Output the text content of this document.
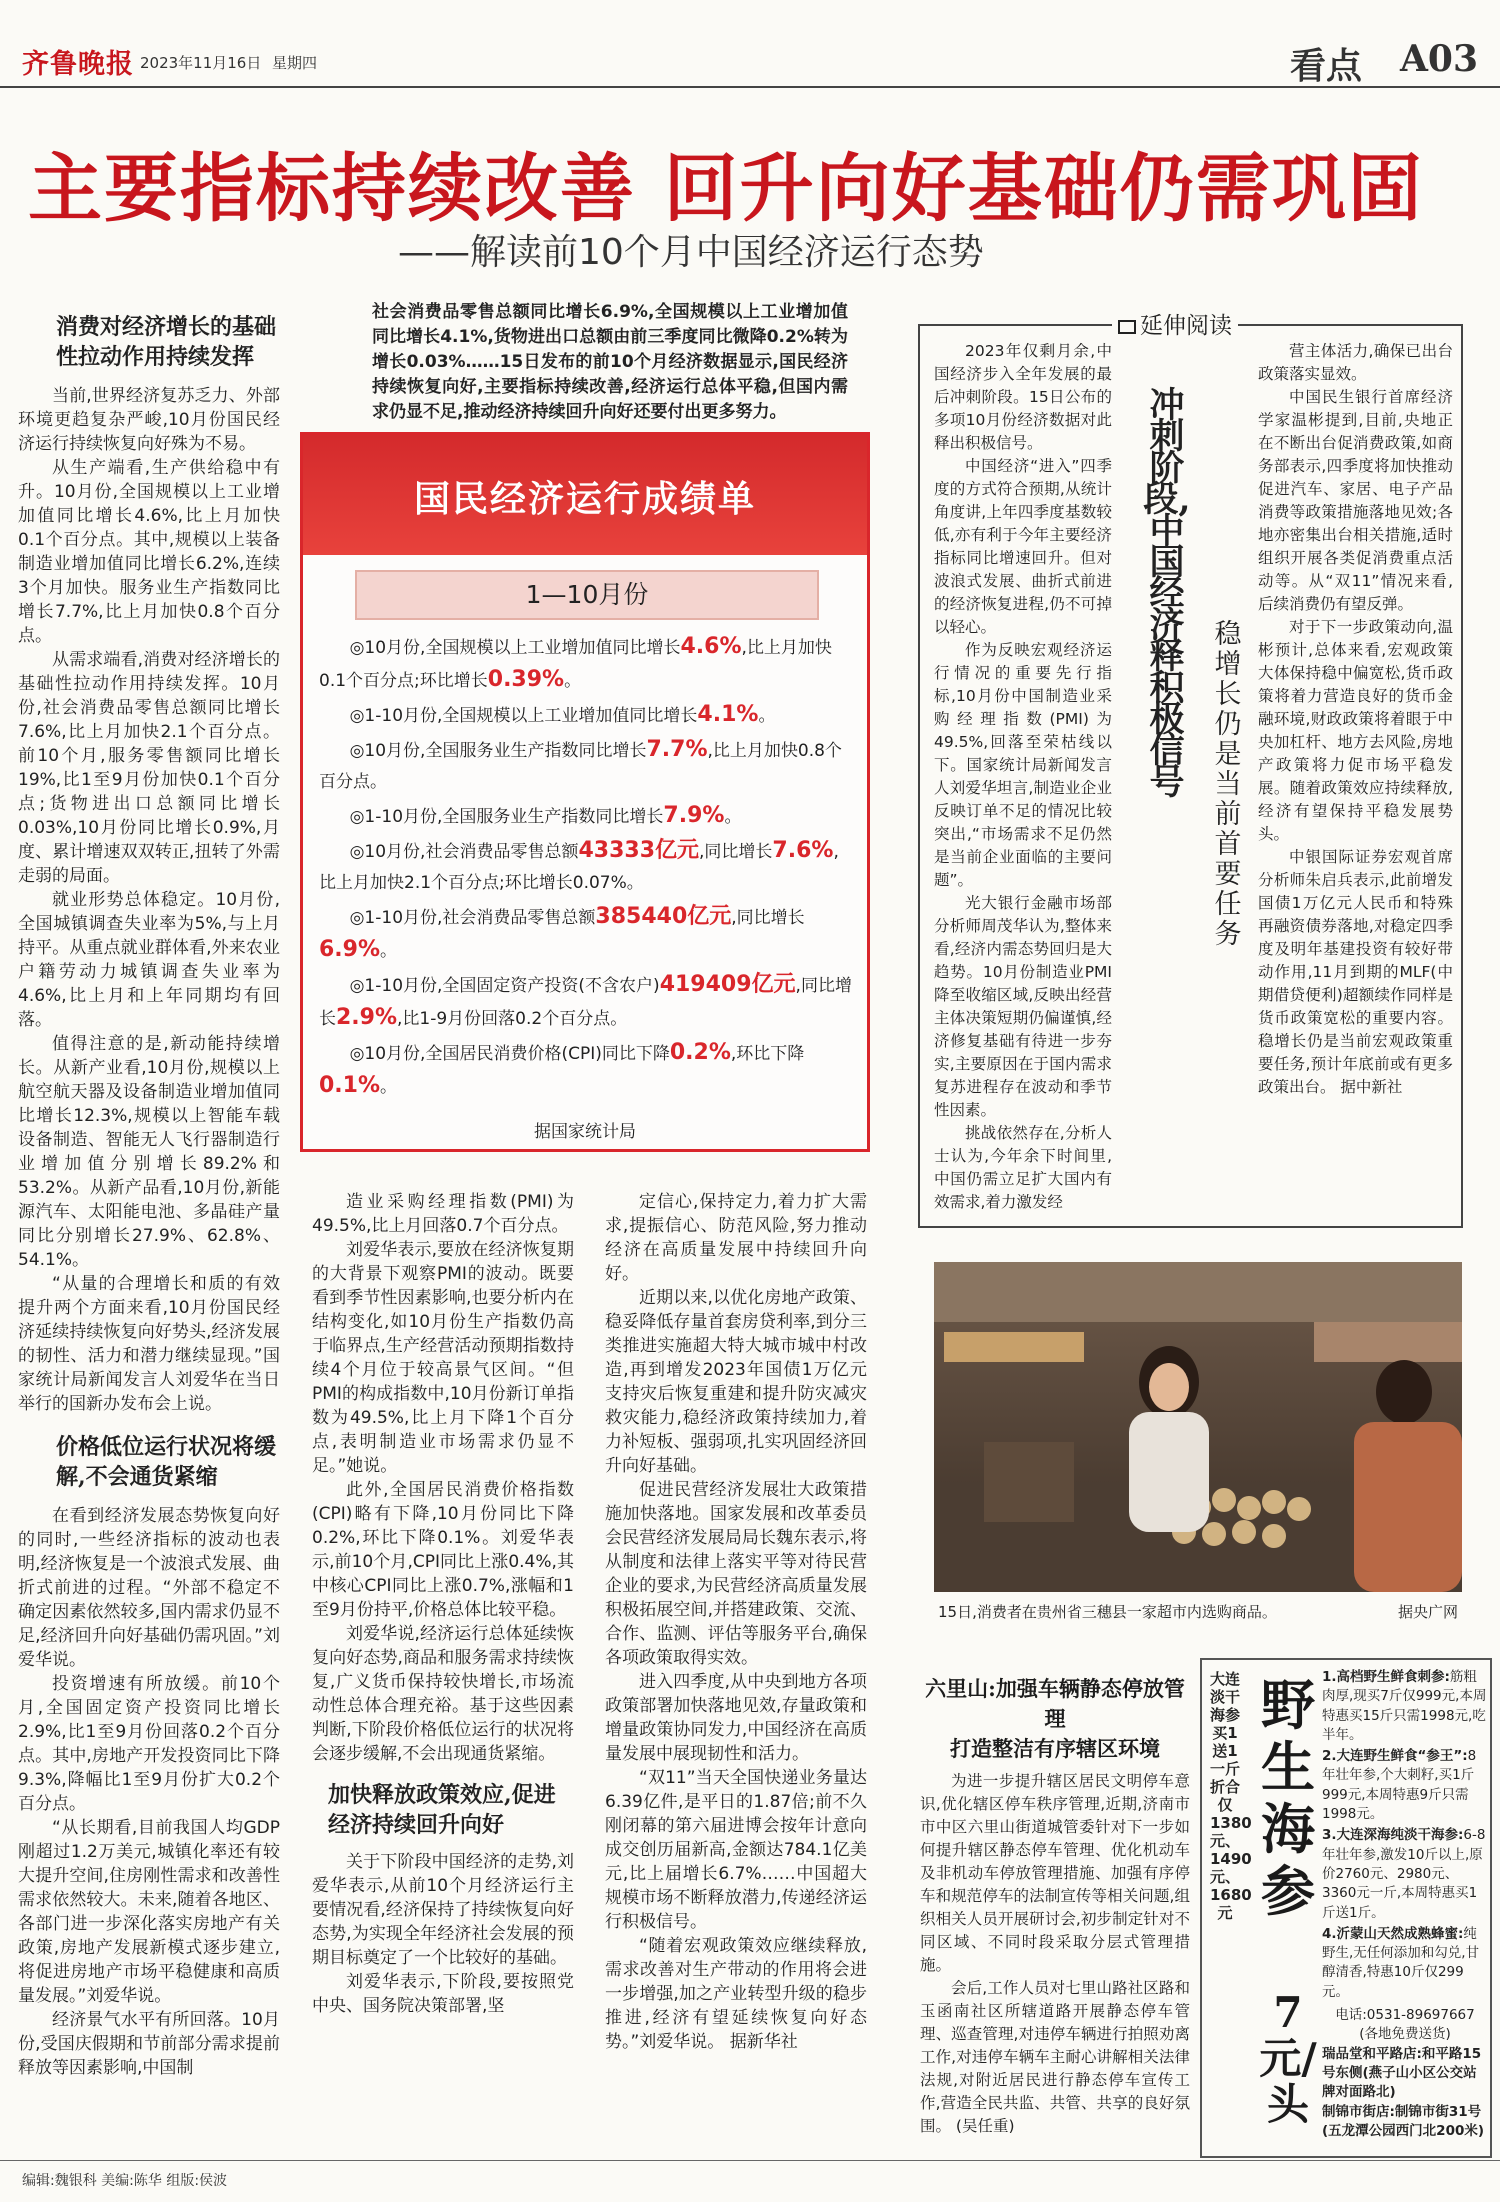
齐鲁晚报 2023年11月16日 星期四	看点 A03
主要指标持续改善 回升向好基础仍需巩固
——解读前10个月中国经济运行态势
消费对经济增长的基础性拉动作用持续发挥

当前,世界经济复苏乏力、外部环境更趋复杂严峻,10月份国民经济运行持续恢复向好殊为不易。

从生产端看,生产供给稳中有升。10月份,全国规模以上工业增加值同比增长4.6%,比上月加快0.1个百分点。其中,规模以上装备制造业增加值同比增长6.2%,连续3个月加快。服务业生产指数同比增长7.7%,比上月加快0.8个百分点。

从需求端看,消费对经济增长的基础性拉动作用持续发挥。10月份,社会消费品零售总额同比增长7.6%,比上月加快2.1个百分点。前10个月,服务零售额同比增长19%,比1至9月份加快0.1个百分点;货物进出口总额同比增长0.03%,10月份同比增长0.9%,月度、累计增速双双转正,扭转了外需走弱的局面。

就业形势总体稳定。10月份,全国城镇调查失业率为5%,与上月持平。从重点就业群体看,外来农业户籍劳动力城镇调查失业率为4.6%,比上月和上年同期均有回落。

值得注意的是,新动能持续增长。从新产业看,10月份,规模以上航空航天器及设备制造业增加值同比增长12.3%,规模以上智能车载设备制造、智能无人飞行器制造行业增加值分别增长89.2%和53.2%。从新产品看,10月份,新能源汽车、太阳能电池、多晶硅产量同比分别增长27.9%、62.8%、54.1%。

“从量的合理增长和质的有效提升两个方面来看,10月份国民经济延续持续恢复向好势头,经济发展的韧性、活力和潜力继续显现。”国家统计局新闻发言人刘爱华在当日举行的国新办发布会上说。

价格低位运行状况将缓解,不会通货紧缩

在看到经济发展态势恢复向好的同时,一些经济指标的波动也表明,经济恢复是一个波浪式发展、曲折式前进的过程。“外部不稳定不确定因素依然较多,国内需求仍显不足,经济回升向好基础仍需巩固。”刘爱华说。

投资增速有所放缓。前10个月,全国固定资产投资同比增长2.9%,比1至9月份回落0.2个百分点。其中,房地产开发投资同比下降9.3%,降幅比1至9月份扩大0.2个百分点。

“从长期看,目前我国人均GDP刚超过1.2万美元,城镇化率还有较大提升空间,住房刚性需求和改善性需求依然较大。未来,随着各地区、各部门进一步深化落实房地产有关政策,房地产发展新模式逐步建立,将促进房地产市场平稳健康和高质量发展。”刘爱华说。

经济景气水平有所回落。10月份,受国庆假期和节前部分需求提前释放等因素影响,中国制

社会消费品零售总额同比增长6.9%,全国规模以上工业增加值同比增长4.1%,货物进出口总额由前三季度同比微降0.2%转为增长0.03%……15日发布的前10个月经济数据显示,国民经济持续恢复向好,主要指标持续改善,经济运行总体平稳,但国内需求仍显不足,推动经济持续回升向好还要付出更多努力。
国民经济运行成绩单
1—10月份

◎10月份,全国规模以上工业增加值同比增长4.6%,比上月加快0.1个百分点;环比增长0.39%。

◎1-10月份,全国规模以上工业增加值同比增长4.1%。

◎10月份,全国服务业生产指数同比增长7.7%,比上月加快0.8个百分点。

◎1-10月份,全国服务业生产指数同比增长7.9%。

◎10月份,社会消费品零售总额43333亿元,同比增长7.6%,比上月加快2.1个百分点;环比增长0.07%。

◎1-10月份,社会消费品零售总额385440亿元,同比增长6.9%。

◎1-10月份,全国固定资产投资(不含农户)419409亿元,同比增长2.9%,比1-9月份回落0.2个百分点。

◎10月份,全国居民消费价格(CPI)同比下降0.2%,环比下降0.1%。

据国家统计局

造业采购经理指数(PMI)为49.5%,比上月回落0.7个百分点。

刘爱华表示,要放在经济恢复期的大背景下观察PMI的波动。既要看到季节性因素影响,也要分析内在结构变化,如10月份生产指数仍高于临界点,生产经营活动预期指数持续4个月位于较高景气区间。“但PMI的构成指数中,10月份新订单指数为49.5%,比上月下降1个百分点,表明制造业市场需求仍显不足。”她说。

此外,全国居民消费价格指数(CPI)略有下降,10月份同比下降0.2%,环比下降0.1%。刘爱华表示,前10个月,CPI同比上涨0.4%,其中核心CPI同比上涨0.7%,涨幅和1至9月份持平,价格总体比较平稳。

刘爱华说,经济运行总体延续恢复向好态势,商品和服务需求持续恢复,广义货币保持较快增长,市场流动性总体合理充裕。基于这些因素判断,下阶段价格低位运行的状况将会逐步缓解,不会出现通货紧缩。

加快释放政策效应,促进经济持续回升向好

关于下阶段中国经济的走势,刘爱华表示,从前10个月经济运行主要情况看,经济保持了持续恢复向好态势,为实现全年经济社会发展的预期目标奠定了一个比较好的基础。

刘爱华表示,下阶段,要按照党中央、国务院决策部署,坚

定信心,保持定力,着力扩大需求,提振信心、防范风险,努力推动经济在高质量发展中持续回升向好。

近期以来,以优化房地产政策、稳妥降低存量首套房贷利率,到分三类推进实施超大特大城市城中村改造,再到增发2023年国债1万亿元支持灾后恢复重建和提升防灾减灾救灾能力,稳经济政策持续加力,着力补短板、强弱项,扎实巩固经济回升向好基础。

促进民营经济发展壮大政策措施加快落地。国家发展和改革委员会民营经济发展局局长魏东表示,将从制度和法律上落实平等对待民营企业的要求,为民营经济高质量发展积极拓展空间,并搭建政策、交流、合作、监测、评估等服务平台,确保各项政策取得实效。

进入四季度,从中央到地方各项政策部署加快落地见效,存量政策和增量政策协同发力,中国经济在高质量发展中展现韧性和活力。

“双11”当天全国快递业务量达6.39亿件,是平日的1.87倍;前不久刚闭幕的第六届进博会按年计意向成交创历届新高,金额达784.1亿美元,比上届增长6.7%……中国超大规模市场不断释放潜力,传递经济运行积极信号。

“随着宏观政策效应继续释放,需求改善对生产带动的作用将会进一步增强,加之产业转型升级的稳步推进,经济有望延续恢复向好态势。”刘爱华说。 据新华社

延伸阅读

2023年仅剩月余,中国经济步入全年发展的最后冲刺阶段。15日公布的多项10月份经济数据对此释出积极信号。

中国经济“进入”四季度的方式符合预期,从统计角度讲,上年四季度基数较低,亦有利于今年主要经济指标同比增速回升。但对波浪式发展、曲折式前进的经济恢复进程,仍不可掉以轻心。

作为反映宏观经济运行情况的重要先行指标,10月份中国制造业采购经理指数(PMI)为49.5%,回落至荣枯线以下。国家统计局新闻发言人刘爱华坦言,制造业企业反映订单不足的情况比较突出,“市场需求不足仍然是当前企业面临的主要问题”。

光大银行金融市场部分析师周茂华认为,整体来看,经济内需态势回归是大趋势。10月份制造业PMI降至收缩区域,反映出经营主体决策短期仍偏谨慎,经济修复基础有待进一步夯实,主要原因在于国内需求复苏进程存在波动和季节性因素。

挑战依然存在,分析人士认为,今年余下时间里,中国仍需立足扩大国内有效需求,着力激发经

冲刺阶段,中国经济释积极信号
稳增长仍是当前首要任务

营主体活力,确保已出台政策落实显效。

中国民生银行首席经济学家温彬提到,目前,央地正在不断出台促消费政策,如商务部表示,四季度将加快推动促进汽车、家居、电子产品消费等政策措施落地见效;各地亦密集出台相关措施,适时组织开展各类促消费重点活动等。从“双11”情况来看,后续消费仍有望反弹。

对于下一步政策动向,温彬预计,总体来看,宏观政策大体保持稳中偏宽松,货币政策将着力营造良好的货币金融环境,财政政策将着眼于中央加杠杆、地方去风险,房地产政策将力促市场平稳发展。随着政策效应持续释放,经济有望保持平稳发展势头。

中银国际证券宏观首席分析师朱启兵表示,此前增发国债1万亿元人民币和特殊再融资债券落地,对稳定四季度及明年基建投资有较好带动作用,11月到期的MLF(中期借贷便利)超额续作同样是货币政策宽松的重要内容。稳增长仍是当前宏观政策重要任务,预计年底前或有更多政策出台。 据中新社

15日,消费者在贵州省三穗县一家超市内选购商品。	据央广网
六里山:加强车辆静态停放管理
打造整洁有序辖区环境

为进一步提升辖区居民文明停车意识,优化辖区停车秩序管理,近期,济南市市中区六里山街道城管委针对下一步如何提升辖区静态停车管理、优化机动车及非机动车停放管理措施、加强有序停车和规范停车的法制宣传等相关问题,组织相关人员开展研讨会,初步制定针对不同区域、不同时段采取分层式管理措施。

会后,工作人员对七里山路社区路和玉函南社区所辖道路开展静态停车管理、巡查管理,对违停车辆进行拍照劝离工作,对违停车辆车主耐心讲解相关法律法规,对附近居民进行静态停车宣传工作,营造全民共监、共管、共享的良好氛围。 (吴任重)

大连淡干海参买1送1一斤折合仅1380元、1490元、1680元
野生海参
7元/头
1.高档野生鲜食刺参:筋粗肉厚,现买7斤仅999元,本周特惠买15斤只需1998元,吃半年。
2.大连野生鲜食“参王”:8年壮年参,个大刺籽,买1斤999元,本周特惠9斤只需1998元。
3.大连深海纯淡干海参:6-8年壮年参,激发10斤以上,原价2760元、2980元、3360元一斤,本周特惠买1斤送1斤。
4.沂蒙山天然成熟蜂蜜:纯野生,无任何添加和勾兑,甘醇清香,特惠10斤仅299元。
电话:0531-89697667
(各地免费送货)
瑞品堂和平路店:和平路15号东侧(燕子山小区公交站牌对面路北)
制锦市街店:制锦市街31号(五龙潭公园西门北200米)
编辑:魏银科 美编:陈华 组版:侯波
